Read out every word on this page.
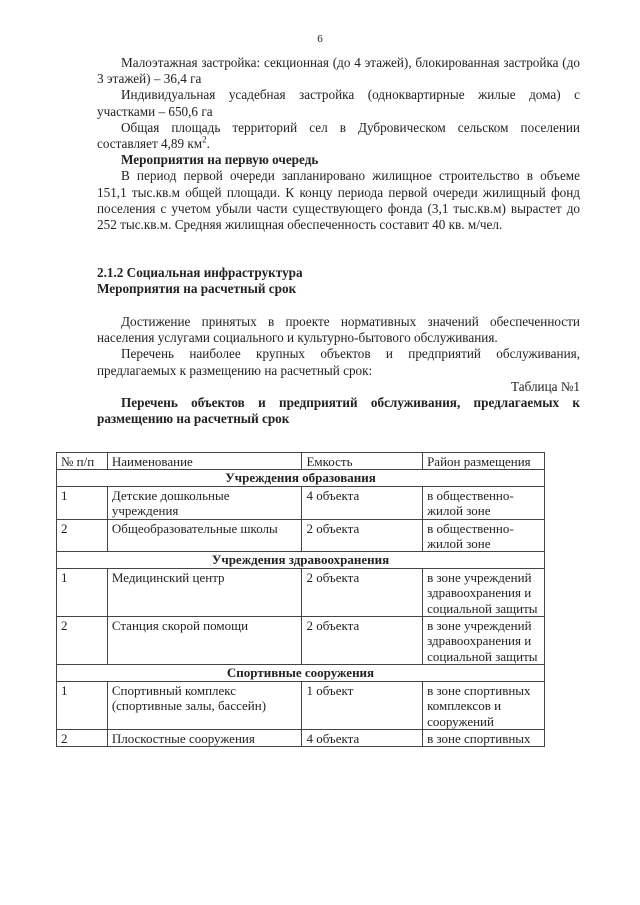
6

Малоэтажная застройка: секционная (до 4 этажей), блокированная застройка (до 3 этажей) – 36,4 га

Индивидуальная усадебная застройка (одноквартирные жилые дома) с участками – 650,6 га

Общая площадь территорий сел в Дубровическом сельском поселении составляет 4,89 $км^2$.

Мероприятия на первую очередь

В период первой очереди запланировано жилищное строительство в объеме 151,1 тыс.кв.м общей площади. К концу периода первой очереди жилищный фонд поселения с учетом убыли части существующего фонда (3,1 тыс.кв.м) вырастет до 252 тыс.кв.м. Средняя жилищная обеспеченность составит 40 кв. м/чел.

2.1.2 Социальная инфраструктура

Мероприятия на расчетный срок

Достижение принятых в проекте нормативных значений обеспеченности населения услугами социального и культурно-бытового обслуживания.

Перечень наиболее крупных объектов и предприятий обслуживания, предлагаемых к размещению на расчетный срок:

Таблица №1

Перечень объектов и предприятий обслуживания, предлагаемых к размещению на расчетный срок

№ п/п	Наименование	Емкость	Район размещения
Учреждения образования			
1	Детские дошкольные учреждения	4 объекта	в общественно-жилой зоне
2	Общеобразовательные школы	2 объекта	в общественно-жилой зоне
Учреждения здравоохранения			
1	Медицинский центр	2 объекта	в зоне учреждений здравоохранения и социальной защиты
2	Станция скорой помощи	2 объекта	в зоне учреждений здравоохранения и социальной защиты
Спортивные сооружения			
1	Спортивный комплекс (спортивные залы, бассейн)	1 объект	в зоне спортивных комплексов и сооружений
2	Плоскостные сооружения	4 объекта	в зоне спортивных
